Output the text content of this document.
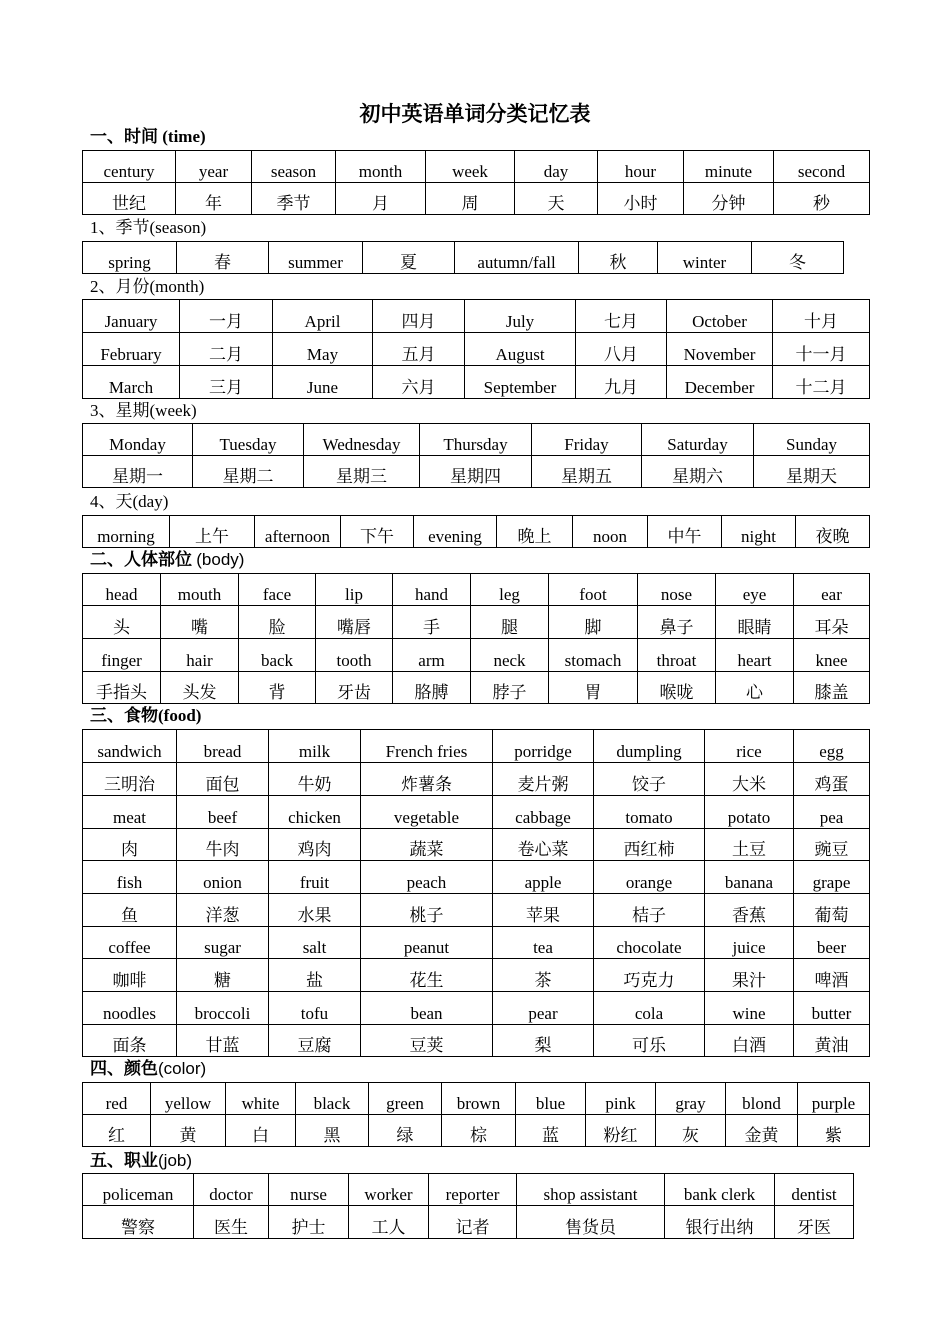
初中英语单词分类记忆表
一、时间 (time)
century	year	season	month	week	day	hour	minute	second
世纪	年	季节	月	周	天	小时	分钟	秒
1、季节(season)
spring	春	summer	夏	autumn/fall	秋	winter	冬
2、月份(month)
January	一月	April	四月	July	七月	October	十月
February	二月	May	五月	August	八月	November	十一月
March	三月	June	六月	September	九月	December	十二月
3、星期(week)
Monday	Tuesday	Wednesday	Thursday	Friday	Saturday	Sunday
星期一	星期二	星期三	星期四	星期五	星期六	星期天
4、天(day)
morning	上午	afternoon	下午	evening	晚上	noon	中午	night	夜晚
二、人体部位 (body)
head	mouth	face	lip	hand	leg	foot	nose	eye	ear
头	嘴	脸	嘴唇	手	腿	脚	鼻子	眼睛	耳朵
finger	hair	back	tooth	arm	neck	stomach	throat	heart	knee
手指头	头发	背	牙齿	胳膊	脖子	胃	喉咙	心	膝盖
三、食物(food)
sandwich	bread	milk	French fries	porridge	dumpling	rice	egg
三明治	面包	牛奶	炸薯条	麦片粥	饺子	大米	鸡蛋
meat	beef	chicken	vegetable	cabbage	tomato	potato	pea
肉	牛肉	鸡肉	蔬菜	卷心菜	西红柿	土豆	豌豆
fish	onion	fruit	peach	apple	orange	banana	grape
鱼	洋葱	水果	桃子	苹果	桔子	香蕉	葡萄
coffee	sugar	salt	peanut	tea	chocolate	juice	beer
咖啡	糖	盐	花生	茶	巧克力	果汁	啤酒
noodles	broccoli	tofu	bean	pear	cola	wine	butter
面条	甘蓝	豆腐	豆荚	梨	可乐	白酒	黄油
四、颜色(color)
red	yellow	white	black	green	brown	blue	pink	gray	blond	purple
红	黄	白	黑	绿	棕	蓝	粉红	灰	金黄	紫
五、职业(job)
policeman	doctor	nurse	worker	reporter	shop assistant	bank clerk	dentist
警察	医生	护士	工人	记者	售货员	银行出纳	牙医
